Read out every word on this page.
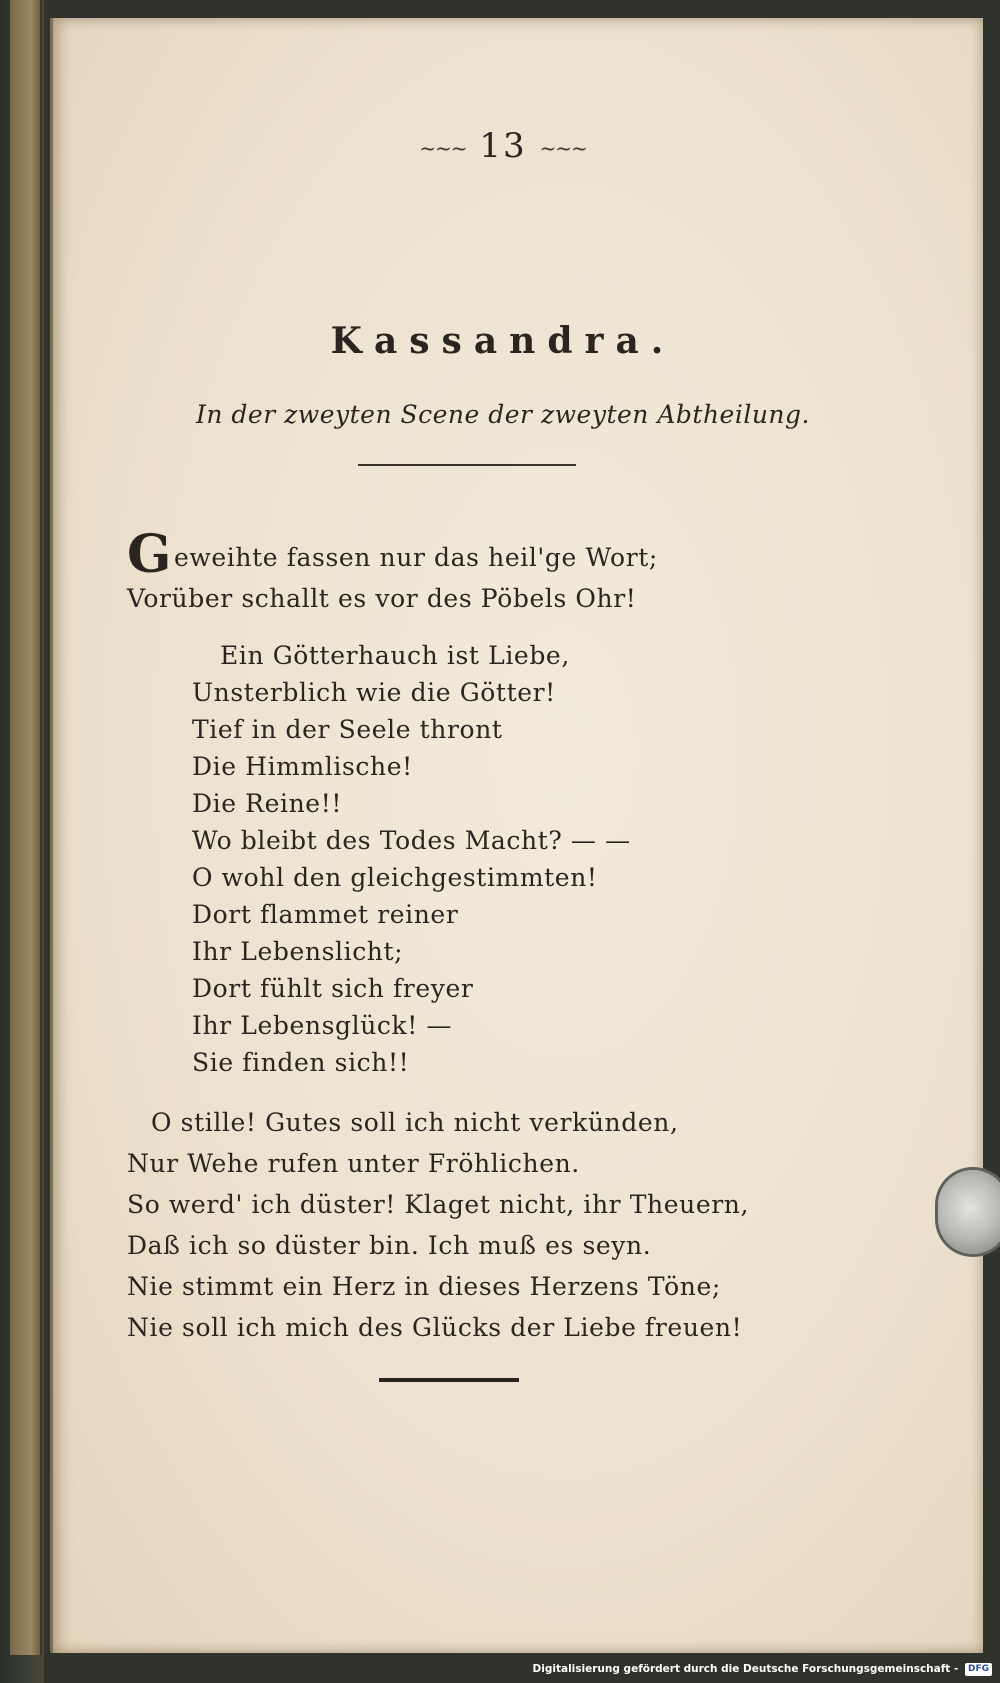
~~~ 13 ~~~
Kassandra.
In der zweyten Scene der zweyten Abtheilung.
Geweihte fassen nur das heil'ge Wort;
Vorüber schallt es vor des Pöbels Ohr!
Ein Götterhauch ist Liebe,
Unsterblich wie die Götter!
Tief in der Seele thront
Die Himmlische!
Die Reine!!
Wo bleibt des Todes Macht? — —
O wohl den gleichgestimmten!
Dort flammet reiner
Ihr Lebenslicht;
Dort fühlt sich freyer
Ihr Lebensglück! —
Sie finden sich!!
O stille! Gutes soll ich nicht verkünden,
Nur Wehe rufen unter Fröhlichen.
So werd' ich düster! Klaget nicht, ihr Theuern,
Daß ich so düster bin. Ich muß es seyn.
Nie stimmt ein Herz in dieses Herzens Töne;
Nie soll ich mich des Glücks der Liebe freuen!
Digitalisierung gefördert durch die Deutsche Forschungsgemeinschaft - DFG
